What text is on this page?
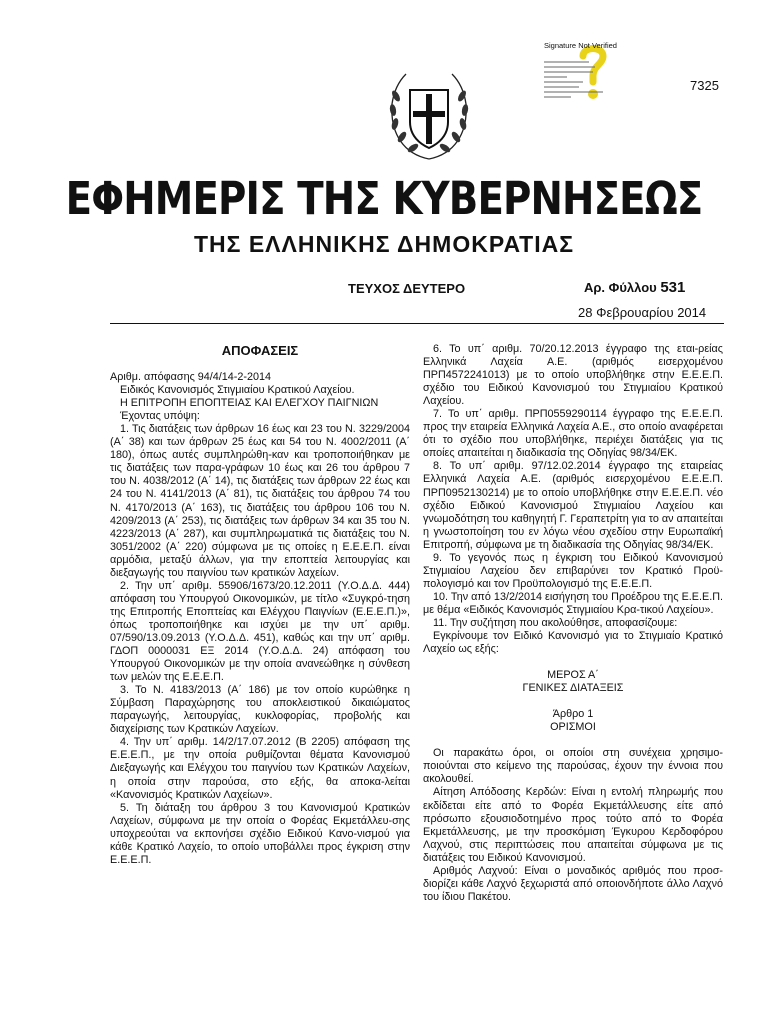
Signature Not Verified
7325
ΕΦΗΜΕΡΙΣ ΤΗΣ ΚΥΒΕΡΝΗΣΕΩΣ
ΤΗΣ ΕΛΛΗΝΙΚΗΣ ΔΗΜΟΚΡΑΤΙΑΣ
ΤΕΥΧΟΣ ΔΕΥΤΕΡΟ	Αρ. Φύλλου 531
28 Φεβρουαρίου 2014
ΑΠΟΦΑΣΕΙΣ

Αριθμ. απόφασης 94/4/14-2-2014

Ειδικός Κανονισμός Στιγμιαίου Κρατικού Λαχείου.

Η ΕΠΙΤΡΟΠΗ ΕΠΟΠΤΕΙΑΣ ΚΑΙ ΕΛΕΓΧΟΥ ΠΑΙΓΝΙΩΝ

Έχοντας υπόψη:

1. Τις διατάξεις των άρθρων 16 έως και 23 του Ν. 3229/2004 (Α΄ 38) και των άρθρων 25 έως και 54 του Ν. 4002/2011 (Α΄ 180), όπως αυτές συμπληρώθη-καν και τροποποιήθηκαν με τις διατάξεις των παρα-γράφων 10 έως και 26 του άρθρου 7 του Ν. 4038/2012 (Α΄ 14), τις διατάξεις των άρθρων 22 έως και 24 του Ν. 4141/2013 (Α΄ 81), τις διατάξεις του άρθρου 74 του Ν. 4170/2013 (Α΄ 163), τις διατάξεις του άρθρου 106 του Ν. 4209/2013 (Α΄ 253), τις διατάξεις των άρθρων 34 και 35 του Ν. 4223/2013 (Α΄ 287), και συμπληρωματικά τις διατάξεις του Ν. 3051/2002 (Α΄ 220) σύμφωνα με τις οποίες η Ε.Ε.Ε.Π. είναι αρμόδια, μεταξύ άλλων, για την εποπτεία λειτουργίας και διεξαγωγής του παιγνίου των κρατικών λαχείων.

2. Την υπ΄ αριθμ. 55906/1673/20.12.2011 (Υ.Ο.Δ.Δ. 444) απόφαση του Υπουργού Οικονομικών, με τίτλο «Συγκρό-τηση της Επιτροπής Εποπτείας και Ελέγχου Παιγνίων (Ε.Ε.Ε.Π.)», όπως τροποποιήθηκε και ισχύει με την υπ΄ αριθμ. 07/590/13.09.2013 (Υ.Ο.Δ.Δ. 451), καθώς και την υπ΄ αριθμ. ΓΔΟΠ 0000031 ΕΞ 2014 (Υ.Ο.Δ.Δ. 24) απόφαση του Υπουργού Οικονομικών με την οποία ανανεώθηκε η σύνθεση των μελών της Ε.Ε.Ε.Π.

3. Το Ν. 4183/2013 (Α΄ 186) με τον οποίο κυρώθηκε η Σύμβαση Παραχώρησης του αποκλειστικού δικαιώματος παραγωγής, λειτουργίας, κυκλοφορίας, προβολής και διαχείρισης των Κρατικών Λαχείων.

4. Την υπ΄ αριθμ. 14/2/17.07.2012 (Β 2205) απόφαση της Ε.Ε.Ε.Π., με την οποία ρυθμίζονται θέματα Κανονισμού Διεξαγωγής και Ελέγχου του παιγνίου των Κρατικών Λαχείων, η οποία στην παρούσα, στο εξής, θα αποκα-λείται «Κανονισμός Κρατικών Λαχείων».

5. Τη διάταξη του άρθρου 3 του Κανονισμού Κρατικών Λαχείων, σύμφωνα με την οποία ο Φορέας Εκμετάλλευ-σης υποχρεούται να εκπονήσει σχέδιο Ειδικού Κανο-νισμού για κάθε Κρατικό Λαχείο, το οποίο υποβάλλει προς έγκριση στην Ε.Ε.Ε.Π.

6. Το υπ΄ αριθμ. 70/20.12.2013 έγγραφο της εται-ρείας Ελληνικά Λαχεία Α.Ε. (αριθμός εισερχομένου ΠΡΠ4572241013) με το οποίο υποβλήθηκε στην Ε.Ε.Ε.Π. σχέδιο του Ειδικού Κανονισμού του Στιγμιαίου Κρατικού Λαχείου.

7. Το υπ΄ αριθμ. ΠΡΠ0559290114 έγγραφο της Ε.Ε.Ε.Π. προς την εταιρεία Ελληνικά Λαχεία Α.Ε., στο οποίο αναφέρεται ότι το σχέδιο που υποβλήθηκε, περιέχει διατάξεις για τις οποίες απαιτείται η διαδικασία της Οδηγίας 98/34/ΕΚ.

8. Το υπ΄ αριθμ. 97/12.02.2014 έγγραφο της εταιρείας Ελληνικά Λαχεία Α.Ε. (αριθμός εισερχομένου Ε.Ε.Ε.Π. ΠΡΠ0952130214) με το οποίο υποβλήθηκε στην Ε.Ε.Ε.Π. νέο σχέδιο Ειδικού Κανονισμού Στιγμιαίου Λαχείου και γνωμοδότηση του καθηγητή Γ. Γεραπετρίτη για το αν απαιτείται η γνωστοποίηση του εν λόγω νέου σχεδίου στην Ευρωπαϊκή Επιτροπή, σύμφωνα με τη διαδικασία της Οδηγίας 98/34/ΕΚ.

9. Το γεγονός πως η έγκριση του Ειδικού Κανονισμού Στιγμιαίου Λαχείου δεν επιβαρύνει τον Κρατικό Προϋ-πολογισμό και τον Προϋπολογισμό της Ε.Ε.Ε.Π.

10. Την από 13/2/2014 εισήγηση του Προέδρου της Ε.Ε.Ε.Π. με θέμα «Ειδικός Κανονισμός Στιγμιαίου Κρα-τικού Λαχείου».

11. Την συζήτηση που ακολούθησε, αποφασίζουμε:

Εγκρίνουμε τον Ειδικό Κανονισμό για το Στιγμιαίο Κρατικό Λαχείο ως εξής:

ΜΕΡΟΣ Α΄

ΓΕΝΙΚΕΣ ΔΙΑΤΑΞΕΙΣ

Άρθρο 1

ΟΡΙΣΜΟΙ

Οι παρακάτω όροι, οι οποίοι στη συνέχεια χρησιμο-ποιούνται στο κείμενο της παρούσας, έχουν την έννοια που ακολουθεί.

Αίτηση Απόδοσης Κερδών: Είναι η εντολή πληρωμής που εκδίδεται είτε από το Φορέα Εκμετάλλευσης είτε από πρόσωπο εξουσιοδοτημένο προς τούτο από το Φορέα Εκμετάλλευσης, με την προσκόμιση Έγκυρου Κερδοφόρου Λαχνού, στις περιπτώσεις που απαιτείται σύμφωνα με τις διατάξεις του Ειδικού Κανονισμού.

Αριθμός Λαχνού: Είναι ο μοναδικός αριθμός που προσ-διορίζει κάθε Λαχνό ξεχωριστά από οποιονδήποτε άλλο Λαχνό του ίδιου Πακέτου.
